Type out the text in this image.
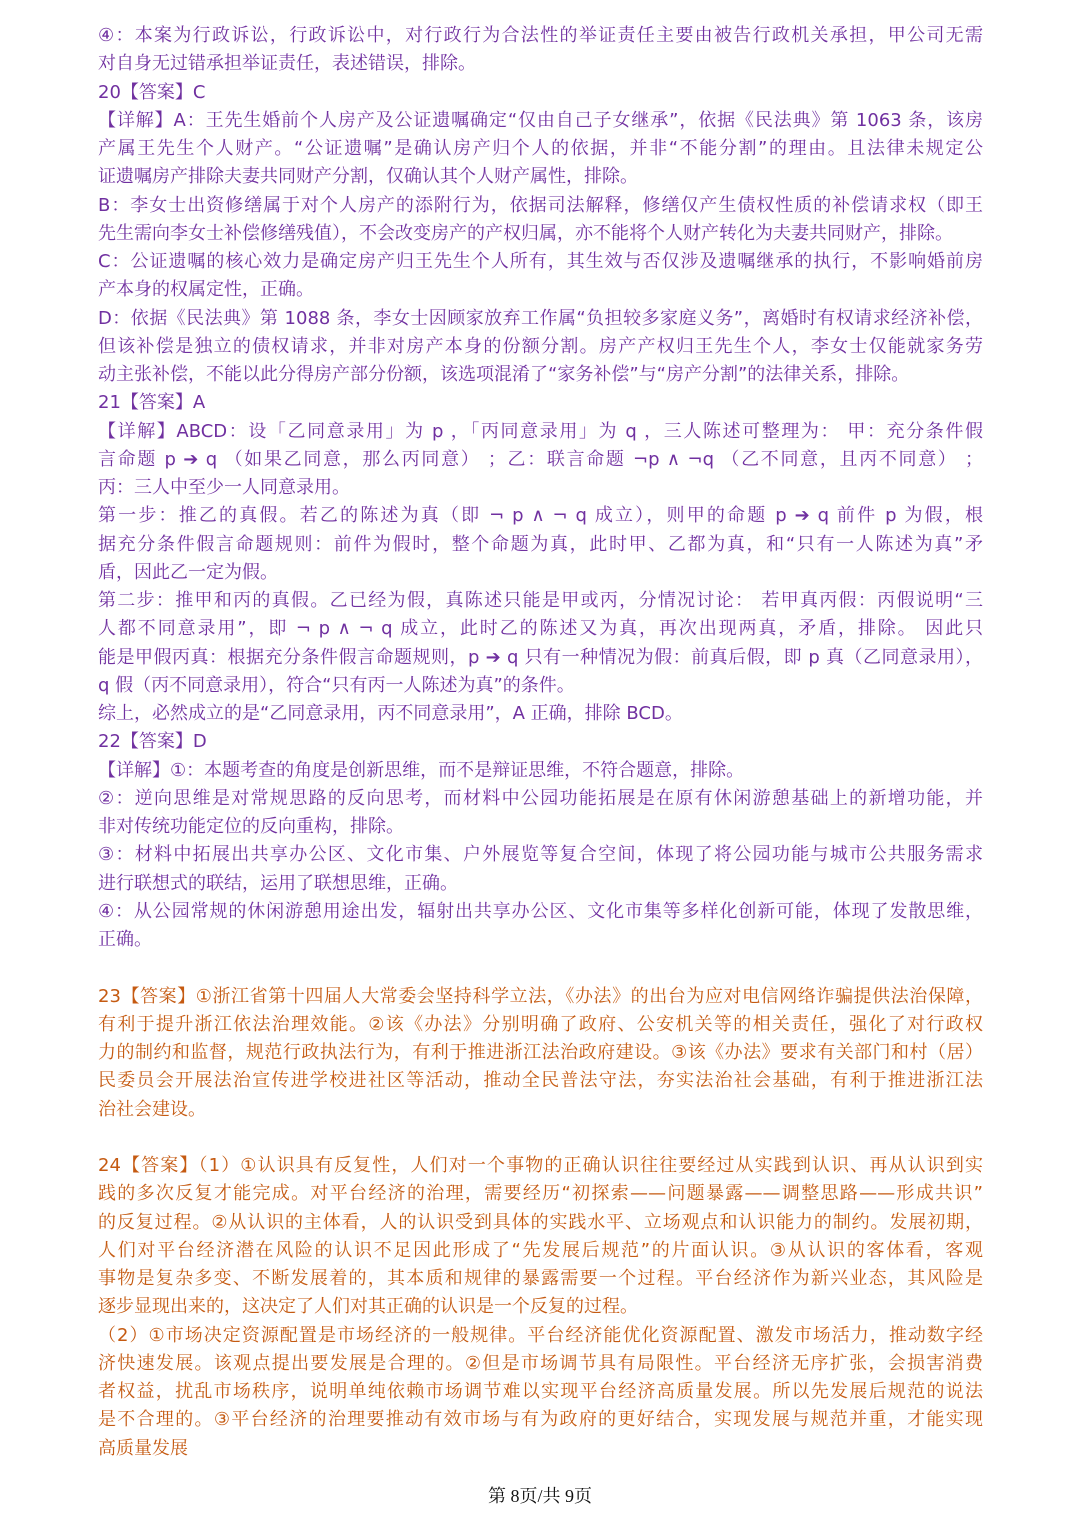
④：本案为行政诉讼，行政诉讼中，对行政行为合法性的举证责任主要由被告行政机关承担，甲公司无需
对自身无过错承担举证责任，表述错误，排除。
20【答案】C
【详解】A：王先生婚前个人房产及公证遗嘱确定“仅由自己子女继承”，依据《民法典》第 1063 条，该房
产属王先生个人财产。“公证遗嘱”是确认房产归个人的依据，并非“不能分割”的理由。且法律未规定公
证遗嘱房产排除夫妻共同财产分割，仅确认其个人财产属性，排除。
B：李女士出资修缮属于对个人房产的添附行为，依据司法解释，修缮仅产生债权性质的补偿请求权（即王
先生需向李女士补偿修缮残值），不会改变房产的产权归属，亦不能将个人财产转化为夫妻共同财产，排除。
C：公证遗嘱的核心效力是确定房产归王先生个人所有，其生效与否仅涉及遗嘱继承的执行，不影响婚前房
产本身的权属定性，正确。
D：依据《民法典》第 1088 条，李女士因顾家放弃工作属“负担较多家庭义务”，离婚时有权请求经济补偿，
但该补偿是独立的债权请求，并非对房产本身的份额分割。房产产权归王先生个人，李女士仅能就家务劳
动主张补偿，不能以此分得房产部分份额，该选项混淆了“家务补偿”与“房产分割”的法律关系，排除。
21【答案】A
【详解】ABCD：设「乙同意录用」为 p ，「丙同意录用」为 q ，三人陈述可整理为： 甲：充分条件假
言命题 p ➔ q （如果乙同意，那么丙同意） ；乙：联言命题 ¬p ∧ ¬q （乙不同意，且丙不同意） ；
丙：三人中至少一人同意录用。
第一步：推乙的真假。若乙的陈述为真（即 ¬ p ∧ ¬ q 成立），则甲的命题 p ➔ q 前件 p 为假，根
据充分条件假言命题规则：前件为假时，整个命题为真，此时甲、乙都为真，和“只有一人陈述为真”矛
盾，因此乙一定为假。
第二步：推甲和丙的真假。乙已经为假，真陈述只能是甲或丙，分情况讨论： 若甲真丙假：丙假说明“三
人都不同意录用”，即 ¬ p ∧ ¬ q 成立，此时乙的陈述又为真，再次出现两真，矛盾，排除。 因此只
能是甲假丙真：根据充分条件假言命题规则，p ➔ q 只有一种情况为假：前真后假，即 p 真（乙同意录用），
q 假（丙不同意录用），符合“只有丙一人陈述为真”的条件。
综上，必然成立的是“乙同意录用，丙不同意录用”，A 正确，排除 BCD。
22【答案】D
【详解】①：本题考查的角度是创新思维，而不是辩证思维，不符合题意，排除。
②：逆向思维是对常规思路的反向思考，而材料中公园功能拓展是在原有休闲游憩基础上的新增功能，并
非对传统功能定位的反向重构，排除。
③：材料中拓展出共享办公区、文化市集、户外展览等复合空间，体现了将公园功能与城市公共服务需求
进行联想式的联结，运用了联想思维，正确。
④：从公园常规的休闲游憩用途出发，辐射出共享办公区、文化市集等多样化创新可能，体现了发散思维，
正确。
23【答案】①浙江省第十四届人大常委会坚持科学立法，《办法》的出台为应对电信网络诈骗提供法治保障，
有利于提升浙江依法治理效能。②该《办法》分别明确了政府、公安机关等的相关责任，强化了对行政权
力的制约和监督，规范行政执法行为，有利于推进浙江法治政府建设。③该《办法》要求有关部门和村（居）
民委员会开展法治宣传进学校进社区等活动，推动全民普法守法，夯实法治社会基础，有利于推进浙江法
治社会建设。
24【答案】（1）①认识具有反复性，人们对一个事物的正确认识往往要经过从实践到认识、再从认识到实
践的多次反复才能完成。对平台经济的治理，需要经历“初探索——问题暴露——调整思路——形成共识”
的反复过程。②从认识的主体看，人的认识受到具体的实践水平、立场观点和认识能力的制约。发展初期，
人们对平台经济潜在风险的认识不足因此形成了“先发展后规范”的片面认识。③从认识的客体看，客观
事物是复杂多变、不断发展着的，其本质和规律的暴露需要一个过程。平台经济作为新兴业态，其风险是
逐步显现出来的，这决定了人们对其正确的认识是一个反复的过程。
（2）①市场决定资源配置是市场经济的一般规律。平台经济能优化资源配置、激发市场活力，推动数字经
济快速发展。该观点提出要发展是合理的。②但是市场调节具有局限性。平台经济无序扩张，会损害消费
者权益，扰乱市场秩序，说明单纯依赖市场调节难以实现平台经济高质量发展。所以先发展后规范的说法
是不合理的。③平台经济的治理要推动有效市场与有为政府的更好结合，实现发展与规范并重，才能实现
高质量发展
第 8页/共 9页
